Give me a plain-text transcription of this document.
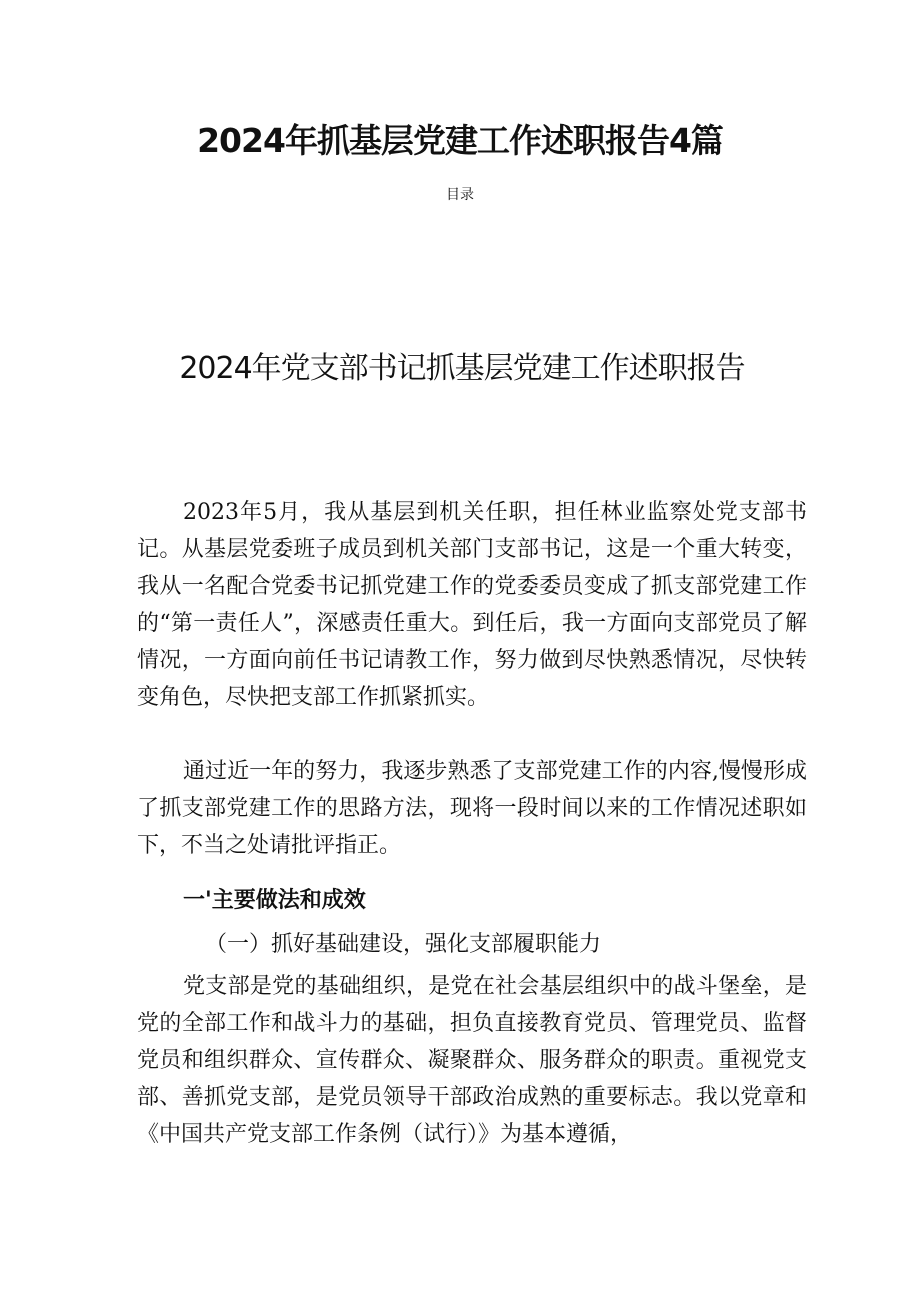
2024年抓基层党建工作述职报告4篇
目录
2024年党支部书记抓基层党建工作述职报告

2023年5月，我从基层到机关任职，担任林业监察处党支部书记。从基层党委班子成员到机关部门支部书记，这是一个重大转变，我从一名配合党委书记抓党建工作的党委委员变成了抓支部党建工作的“第一责任人”，深感责任重大。到任后，我一方面向支部党员了解情况，一方面向前任书记请教工作，努力做到尽快熟悉情况，尽快转变角色，尽快把支部工作抓紧抓实。

通过近一年的努力，我逐步熟悉了支部党建工作的内容,慢慢形成了抓支部党建工作的思路方法，现将一段时间以来的工作情况述职如下，不当之处请批评指正。

一'主要做法和成效
（一）抓好基础建设，强化支部履职能力

党支部是党的基础组织，是党在社会基层组织中的战斗堡垒，是党的全部工作和战斗力的基础，担负直接教育党员、管理党员、监督党员和组织群众、宣传群众、凝聚群众、服务群众的职责。重视党支部、善抓党支部，是党员领导干部政治成熟的重要标志。我以党章和《中国共产党支部工作条例（试行）》为基本遵循，
